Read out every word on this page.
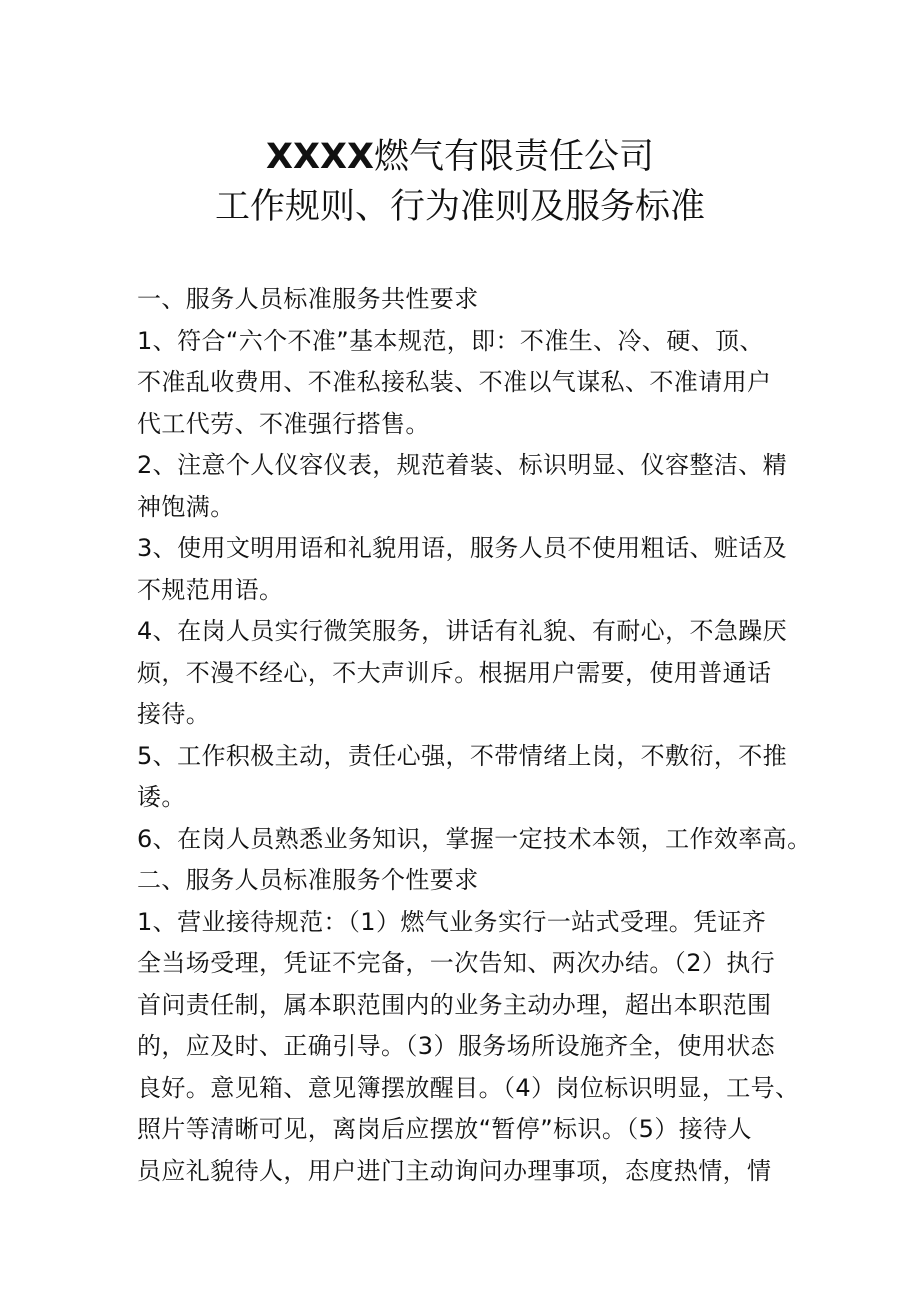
XXXX燃气有限责任公司
工作规则、行为准则及服务标准
一、服务人员标准服务共性要求
1、符合“六个不准”基本规范，即：不准生、冷、硬、顶、
不准乱收费用、不准私接私装、不准以气谋私、不准请用户
代工代劳、不准强行搭售。
2、注意个人仪容仪表，规范着装、标识明显、仪容整洁、精
神饱满。
3、使用文明用语和礼貌用语，服务人员不使用粗话、赃话及
不规范用语。
4、在岗人员实行微笑服务，讲话有礼貌、有耐心，不急躁厌
烦，不漫不经心，不大声训斥。根据用户需要，使用普通话
接待。
5、工作积极主动，责任心强，不带情绪上岗，不敷衍，不推
诿。
6、在岗人员熟悉业务知识，掌握一定技术本领，工作效率高。
二、服务人员标准服务个性要求
1、营业接待规范：（1）燃气业务实行一站式受理。凭证齐
全当场受理，凭证不完备，一次告知、两次办结。（2）执行
首问责任制，属本职范围内的业务主动办理，超出本职范围
的，应及时、正确引导。（3）服务场所设施齐全，使用状态
良好。意见箱、意见簿摆放醒目。（4）岗位标识明显，工号、
照片等清晰可见，离岗后应摆放“暂停”标识。（5）接待人
员应礼貌待人，用户进门主动询问办理事项，态度热情，情
